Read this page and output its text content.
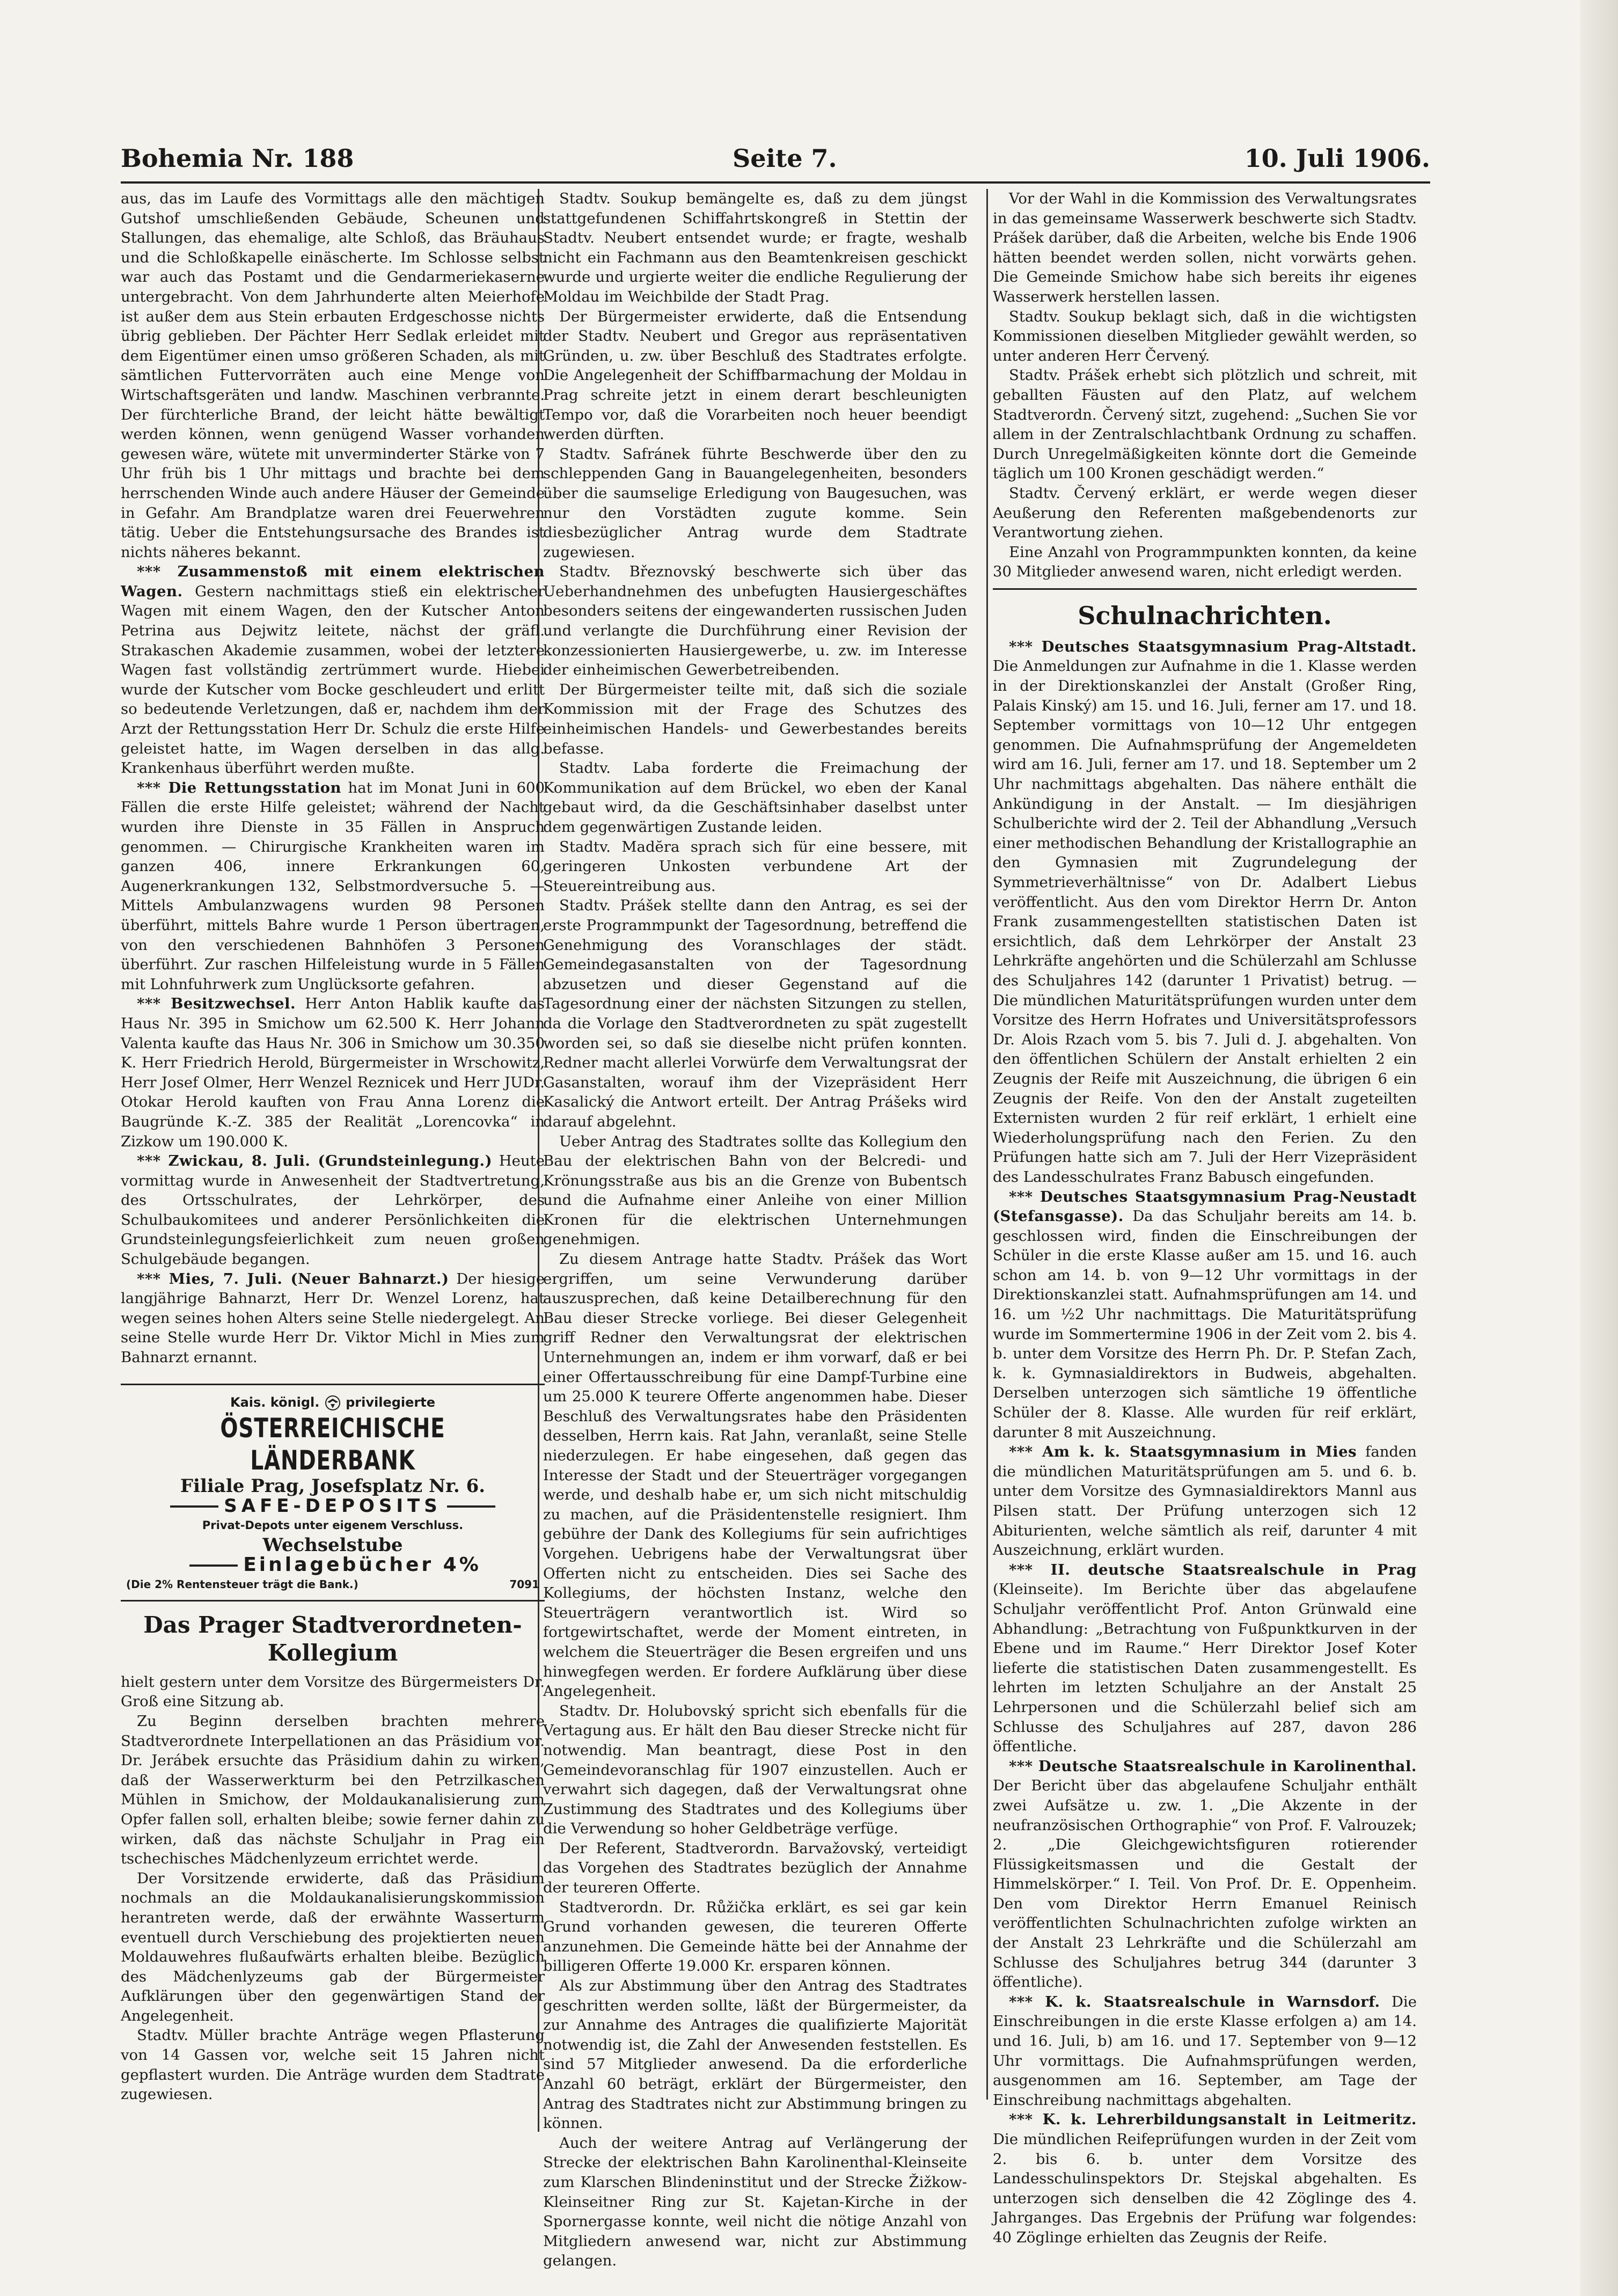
Bohemia Nr. 188	Seite 7.	10. Juli 1906.

aus, das im Laufe des Vormittags alle den mächtigen Gutshof umschließenden Gebäude, Scheunen und Stallungen, das ehemalige, alte Schloß, das Bräuhaus und die Schloßkapelle einäscherte. Im Schlosse selbst war auch das Postamt und die Gendarmeriekaserne untergebracht. Von dem Jahrhunderte alten Meierhofe ist außer dem aus Stein erbauten Erdgeschosse nichts übrig geblieben. Der Pächter Herr Sedlak erleidet mit dem Eigentümer einen umso größeren Schaden, als mit sämtlichen Futtervorräten auch eine Menge von Wirtschaftsgeräten und landw. Maschinen verbrannte. Der fürchterliche Brand, der leicht hätte bewältigt werden können, wenn genügend Wasser vorhanden gewesen wäre, wütete mit unverminderter Stärke von 7 Uhr früh bis 1 Uhr mittags und brachte bei dem herrschenden Winde auch andere Häuser der Gemeinde in Gefahr. Am Brandplatze waren drei Feuerwehren tätig. Ueber die Entstehungsursache des Brandes ist nichts näheres bekannt.

*** Zusammenstoß mit einem elektrischen Wagen. Gestern nachmittags stieß ein elektrischer Wagen mit einem Wagen, den der Kutscher Anton Petrina aus Dejwitz leitete, nächst der gräfl. Strakaschen Akademie zusammen, wobei der letztere Wagen fast vollständig zertrümmert wurde. Hiebei wurde der Kutscher vom Bocke geschleudert und erlitt so bedeutende Verletzungen, daß er, nachdem ihm der Arzt der Rettungsstation Herr Dr. Schulz die erste Hilfe geleistet hatte, im Wagen derselben in das allg. Krankenhaus überführt werden mußte.

*** Die Rettungsstation hat im Monat Juni in 600 Fällen die erste Hilfe geleistet; während der Nacht wurden ihre Dienste in 35 Fällen in Anspruch genommen. — Chirurgische Krankheiten waren im ganzen 406, innere Erkrankungen 60, Augenerkrankungen 132, Selbstmordversuche 5. — Mittels Ambulanzwagens wurden 98 Personen überführt, mittels Bahre wurde 1 Person übertragen, von den verschiedenen Bahnhöfen 3 Personen überführt. Zur raschen Hilfeleistung wurde in 5 Fällen mit Lohnfuhrwerk zum Unglücksorte gefahren.

*** Besitzwechsel. Herr Anton Hablik kaufte das Haus Nr. 395 in Smichow um 62.500 K. Herr Johann Valenta kaufte das Haus Nr. 306 in Smichow um 30.350 K. Herr Friedrich Herold, Bürgermeister in Wrschowitz, Herr Josef Olmer, Herr Wenzel Reznicek und Herr JUDr. Otokar Herold kauften von Frau Anna Lorenz die Baugründe K.-Z. 385 der Realität „Lorencovka“ in Zizkow um 190.000 K.

*** Zwickau, 8. Juli. (Grundsteinlegung.) Heute vormittag wurde in Anwesenheit der Stadtvertretung, des Ortsschulrates, der Lehrkörper, des Schulbaukomitees und anderer Persönlichkeiten die Grundsteinlegungsfeierlichkeit zum neuen großen Schulgebäude begangen.

*** Mies, 7. Juli. (Neuer Bahnarzt.) Der hiesige langjährige Bahnarzt, Herr Dr. Wenzel Lorenz, hat wegen seines hohen Alters seine Stelle niedergelegt. An seine Stelle wurde Herr Dr. Viktor Michl in Mies zum Bahnarzt ernannt.

Kais. königl. privilegierte
ÖSTERREICHISCHE LÄNDERBANK
Filiale Prag, Josefsplatz Nr. 6.
SAFE-DEPOSITS
Privat-Depots unter eigenem Verschluss.
Wechselstube
Einlagebücher 4%
(Die 2% Rentensteuer trägt die Bank.)	7091
Das Prager Stadtverordneten-Kollegium

hielt gestern unter dem Vorsitze des Bürgermeisters Dr. Groß eine Sitzung ab.

Zu Beginn derselben brachten mehrere Stadtverordnete Interpellationen an das Präsidium vor. Dr. Jerábek ersuchte das Präsidium dahin zu wirken, daß der Wasserwerkturm bei den Petrzilkaschen Mühlen in Smichow, der Moldaukanalisierung zum Opfer fallen soll, erhalten bleibe; sowie ferner dahin zu wirken, daß das nächste Schuljahr in Prag ein tschechisches Mädchenlyzeum errichtet werde.

Der Vorsitzende erwiderte, daß das Präsidium nochmals an die Moldaukanalisierungskommission herantreten werde, daß der erwähnte Wasserturm eventuell durch Verschiebung des projektierten neuen Moldauwehres flußaufwärts erhalten bleibe. Bezüglich des Mädchenlyzeums gab der Bürgermeister Aufklärungen über den gegenwärtigen Stand der Angelegenheit.

Stadtv. Müller brachte Anträge wegen Pflasterung von 14 Gassen vor, welche seit 15 Jahren nicht gepflastert wurden. Die Anträge wurden dem Stadtrate zugewiesen.

Stadtv. Soukup bemängelte es, daß zu dem jüngst stattgefundenen Schiffahrtskongreß in Stettin der Stadtv. Neubert entsendet wurde; er fragte, weshalb nicht ein Fachmann aus den Beamtenkreisen geschickt wurde und urgierte weiter die endliche Regulierung der Moldau im Weichbilde der Stadt Prag.

Der Bürgermeister erwiderte, daß die Entsendung der Stadtv. Neubert und Gregor aus repräsentativen Gründen, u. zw. über Beschluß des Stadtrates erfolgte. Die Angelegenheit der Schiffbarmachung der Moldau in Prag schreite jetzt in einem derart beschleunigten Tempo vor, daß die Vorarbeiten noch heuer beendigt werden dürften.

Stadtv. Safránek führte Beschwerde über den zu schleppenden Gang in Bauangelegenheiten, besonders über die saumselige Erledigung von Baugesuchen, was nur den Vorstädten zugute komme. Sein diesbezüglicher Antrag wurde dem Stadtrate zugewiesen.

Stadtv. Březnovský beschwerte sich über das Ueberhandnehmen des unbefugten Hausiergeschäftes besonders seitens der eingewanderten russischen Juden und verlangte die Durchführung einer Revision der konzessionierten Hausiergewerbe, u. zw. im Interesse der einheimischen Gewerbetreibenden.

Der Bürgermeister teilte mit, daß sich die soziale Kommission mit der Frage des Schutzes des einheimischen Handels- und Gewerbestandes bereits befasse.

Stadtv. Laba forderte die Freimachung der Kommunikation auf dem Brückel, wo eben der Kanal gebaut wird, da die Geschäftsinhaber daselbst unter dem gegenwärtigen Zustande leiden.

Stadtv. Madĕra sprach sich für eine bessere, mit geringeren Unkosten verbundene Art der Steuereintreibung aus.

Stadtv. Prášek stellte dann den Antrag, es sei der erste Programmpunkt der Tagesordnung, betreffend die Genehmigung des Voranschlages der städt. Gemeindegasanstalten von der Tagesordnung abzusetzen und dieser Gegenstand auf die Tagesordnung einer der nächsten Sitzungen zu stellen, da die Vorlage den Stadtverordneten zu spät zugestellt worden sei, so daß sie dieselbe nicht prüfen konnten. Redner macht allerlei Vorwürfe dem Verwaltungsrat der Gasanstalten, worauf ihm der Vizepräsident Herr Kasalický die Antwort erteilt. Der Antrag Prášeks wird darauf abgelehnt.

Ueber Antrag des Stadtrates sollte das Kollegium den Bau der elektrischen Bahn von der Belcredi- und Krönungsstraße aus bis an die Grenze von Bubentsch und die Aufnahme einer Anleihe von einer Million Kronen für die elektrischen Unternehmungen genehmigen.

Zu diesem Antrage hatte Stadtv. Prášek das Wort ergriffen, um seine Verwunderung darüber auszusprechen, daß keine Detailberechnung für den Bau dieser Strecke vorliege. Bei dieser Gelegenheit griff Redner den Verwaltungsrat der elektrischen Unternehmungen an, indem er ihm vorwarf, daß er bei einer Offertausschreibung für eine Dampf-Turbine eine um 25.000 K teurere Offerte angenommen habe. Dieser Beschluß des Verwaltungsrates habe den Präsidenten desselben, Herrn kais. Rat Jahn, veranlaßt, seine Stelle niederzulegen. Er habe eingesehen, daß gegen das Interesse der Stadt und der Steuerträger vorgegangen werde, und deshalb habe er, um sich nicht mitschuldig zu machen, auf die Präsidentenstelle resigniert. Ihm gebühre der Dank des Kollegiums für sein aufrichtiges Vorgehen. Uebrigens habe der Verwaltungsrat über Offerten nicht zu entscheiden. Dies sei Sache des Kollegiums, der höchsten Instanz, welche den Steuerträgern verantwortlich ist. Wird so fortgewirtschaftet, werde der Moment eintreten, in welchem die Steuerträger die Besen ergreifen und uns hinwegfegen werden. Er fordere Aufklärung über diese Angelegenheit.

Stadtv. Dr. Holubovský spricht sich ebenfalls für die Vertagung aus. Er hält den Bau dieser Strecke nicht für notwendig. Man beantragt, diese Post in den Gemeindevoranschlag für 1907 einzustellen. Auch er verwahrt sich dagegen, daß der Verwaltungsrat ohne Zustimmung des Stadtrates und des Kollegiums über die Verwendung so hoher Geldbeträge verfüge.

Der Referent, Stadtverordn. Barvažovský, verteidigt das Vorgehen des Stadtrates bezüglich der Annahme der teureren Offerte.

Stadtverordn. Dr. Růžička erklärt, es sei gar kein Grund vorhanden gewesen, die teureren Offerte anzunehmen. Die Gemeinde hätte bei der Annahme der billigeren Offerte 19.000 Kr. ersparen können.

Als zur Abstimmung über den Antrag des Stadtrates geschritten werden sollte, läßt der Bürgermeister, da zur Annahme des Antrages die qualifizierte Majorität notwendig ist, die Zahl der Anwesenden feststellen. Es sind 57 Mitglieder anwesend. Da die erforderliche Anzahl 60 beträgt, erklärt der Bürgermeister, den Antrag des Stadtrates nicht zur Abstimmung bringen zu können.

Auch der weitere Antrag auf Verlängerung der Strecke der elektrischen Bahn Karolinenthal-Kleinseite zum Klarschen Blindeninstitut und der Strecke Žižkow-Kleinseitner Ring zur St. Kajetan-Kirche in der Spornergasse konnte, weil nicht die nötige Anzahl von Mitgliedern anwesend war, nicht zur Abstimmung gelangen.

Vor der Wahl in die Kommission des Verwaltungsrates in das gemeinsame Wasserwerk beschwerte sich Stadtv. Prášek darüber, daß die Arbeiten, welche bis Ende 1906 hätten beendet werden sollen, nicht vorwärts gehen. Die Gemeinde Smichow habe sich bereits ihr eigenes Wasserwerk herstellen lassen.

Stadtv. Soukup beklagt sich, daß in die wichtigsten Kommissionen dieselben Mitglieder gewählt werden, so unter anderen Herr Červený.

Stadtv. Prášek erhebt sich plötzlich und schreit, mit geballten Fäusten auf den Platz, auf welchem Stadtverordn. Červený sitzt, zugehend: „Suchen Sie vor allem in der Zentralschlachtbank Ordnung zu schaffen. Durch Unregelmäßigkeiten könnte dort die Gemeinde täglich um 100 Kronen geschädigt werden.“

Stadtv. Červený erklärt, er werde wegen dieser Aeußerung den Referenten maßgebendenorts zur Verantwortung ziehen.

Eine Anzahl von Programmpunkten konnten, da keine 30 Mitglieder anwesend waren, nicht erledigt werden.

Schulnachrichten.

*** Deutsches Staatsgymnasium Prag-Altstadt. Die Anmeldungen zur Aufnahme in die 1. Klasse werden in der Direktionskanzlei der Anstalt (Großer Ring, Palais Kinský) am 15. und 16. Juli, ferner am 17. und 18. September vormittags von 10—12 Uhr entgegen genommen. Die Aufnahmsprüfung der Angemeldeten wird am 16. Juli, ferner am 17. und 18. September um 2 Uhr nachmittags abgehalten. Das nähere enthält die Ankündigung in der Anstalt. — Im diesjährigen Schulberichte wird der 2. Teil der Abhandlung „Versuch einer methodischen Behandlung der Kristallographie an den Gymnasien mit Zugrundelegung der Symmetrieverhältnisse“ von Dr. Adalbert Liebus veröffentlicht. Aus den vom Direktor Herrn Dr. Anton Frank zusammengestellten statistischen Daten ist ersichtlich, daß dem Lehrkörper der Anstalt 23 Lehrkräfte angehörten und die Schülerzahl am Schlusse des Schuljahres 142 (darunter 1 Privatist) betrug. — Die mündlichen Maturitätsprüfungen wurden unter dem Vorsitze des Herrn Hofrates und Universitätsprofessors Dr. Alois Rzach vom 5. bis 7. Juli d. J. abgehalten. Von den öffentlichen Schülern der Anstalt erhielten 2 ein Zeugnis der Reife mit Auszeichnung, die übrigen 6 ein Zeugnis der Reife. Von den der Anstalt zugeteilten Externisten wurden 2 für reif erklärt, 1 erhielt eine Wiederholungsprüfung nach den Ferien. Zu den Prüfungen hatte sich am 7. Juli der Herr Vizepräsident des Landesschulrates Franz Babusch eingefunden.

*** Deutsches Staatsgymnasium Prag-Neustadt (Stefansgasse). Da das Schuljahr bereits am 14. b. geschlossen wird, finden die Einschreibungen der Schüler in die erste Klasse außer am 15. und 16. auch schon am 14. b. von 9—12 Uhr vormittags in der Direktionskanzlei statt. Aufnahmsprüfungen am 14. und 16. um ½2 Uhr nachmittags. Die Maturitätsprüfung wurde im Sommertermine 1906 in der Zeit vom 2. bis 4. b. unter dem Vorsitze des Herrn Ph. Dr. P. Stefan Zach, k. k. Gymnasialdirektors in Budweis, abgehalten. Derselben unterzogen sich sämtliche 19 öffentliche Schüler der 8. Klasse. Alle wurden für reif erklärt, darunter 8 mit Auszeichnung.

*** Am k. k. Staatsgymnasium in Mies fanden die mündlichen Maturitätsprüfungen am 5. und 6. b. unter dem Vorsitze des Gymnasialdirektors Mannl aus Pilsen statt. Der Prüfung unterzogen sich 12 Abiturienten, welche sämtlich als reif, darunter 4 mit Auszeichnung, erklärt wurden.

*** II. deutsche Staatsrealschule in Prag (Kleinseite). Im Berichte über das abgelaufene Schuljahr veröffentlicht Prof. Anton Grünwald eine Abhandlung: „Betrachtung von Fußpunktkurven in der Ebene und im Raume.“ Herr Direktor Josef Koter lieferte die statistischen Daten zusammengestellt. Es lehrten im letzten Schuljahre an der Anstalt 25 Lehrpersonen und die Schülerzahl belief sich am Schlusse des Schuljahres auf 287, davon 286 öffentliche.

*** Deutsche Staatsrealschule in Karolinenthal. Der Bericht über das abgelaufene Schuljahr enthält zwei Aufsätze u. zw. 1. „Die Akzente in der neufranzösischen Orthographie“ von Prof. F. Valrouzek; 2. „Die Gleichgewichtsfiguren rotierender Flüssigkeitsmassen und die Gestalt der Himmelskörper.“ I. Teil. Von Prof. Dr. E. Oppenheim. Den vom Direktor Herrn Emanuel Reinisch veröffentlichten Schulnachrichten zufolge wirkten an der Anstalt 23 Lehrkräfte und die Schülerzahl am Schlusse des Schuljahres betrug 344 (darunter 3 öffentliche).

*** K. k. Staatsrealschule in Warnsdorf. Die Einschreibungen in die erste Klasse erfolgen a) am 14. und 16. Juli, b) am 16. und 17. September von 9—12 Uhr vormittags. Die Aufnahmsprüfungen werden, ausgenommen am 16. September, am Tage der Einschreibung nachmittags abgehalten.

*** K. k. Lehrerbildungsanstalt in Leitmeritz. Die mündlichen Reifeprüfungen wurden in der Zeit vom 2. bis 6. b. unter dem Vorsitze des Landesschulinspektors Dr. Stejskal abgehalten. Es unterzogen sich denselben die 42 Zöglinge des 4. Jahrganges. Das Ergebnis der Prüfung war folgendes: 40 Zöglinge erhielten das Zeugnis der Reife.
